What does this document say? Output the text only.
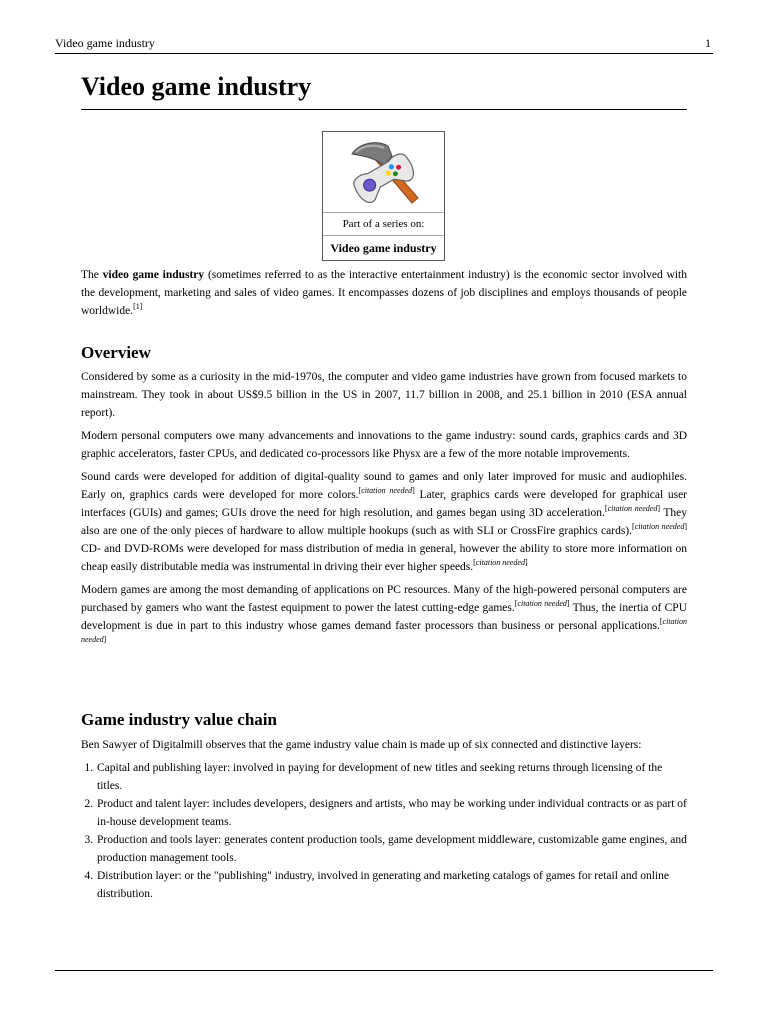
Video game industry	1
Video game industry
Part of a series on:
Video game industry

The video game industry (sometimes referred to as the interactive entertainment industry) is the economic sector involved with the development, marketing and sales of video games. It encompasses dozens of job disciplines and employs thousands of people worldwide.[1]

Overview

Considered by some as a curiosity in the mid-1970s, the computer and video game industries have grown from focused markets to mainstream. They took in about US$9.5 billion in the US in 2007, 11.7 billion in 2008, and 25.1 billion in 2010 (ESA annual report).

Modern personal computers owe many advancements and innovations to the game industry: sound cards, graphics cards and 3D graphic accelerators, faster CPUs, and dedicated co-processors like Physx are a few of the more notable improvements.

Sound cards were developed for addition of digital-quality sound to games and only later improved for music and audiophiles. Early on, graphics cards were developed for more colors.[citation needed] Later, graphics cards were developed for graphical user interfaces (GUIs) and games; GUIs drove the need for high resolution, and games began using 3D acceleration.[citation needed] They also are one of the only pieces of hardware to allow multiple hookups (such as with SLI or CrossFire graphics cards).[citation needed] CD- and DVD-ROMs were developed for mass distribution of media in general, however the ability to store more information on cheap easily distributable media was instrumental in driving their ever higher speeds.[citation needed]

Modern games are among the most demanding of applications on PC resources. Many of the high-powered personal computers are purchased by gamers who want the fastest equipment to power the latest cutting-edge games.[citation needed] Thus, the inertia of CPU development is due in part to this industry whose games demand faster processors than business or personal applications.[citation needed]

Game industry value chain

Ben Sawyer of Digitalmill observes that the game industry value chain is made up of six connected and distinctive layers:

1. Capital and publishing layer: involved in paying for development of new titles and seeking returns through licensing of the titles.
2. Product and talent layer: includes developers, designers and artists, who may be working under individual contracts or as part of in-house development teams.
3. Production and tools layer: generates content production tools, game development middleware, customizable game engines, and production management tools.
4. Distribution layer: or the "publishing" industry, involved in generating and marketing catalogs of games for retail and online distribution.
